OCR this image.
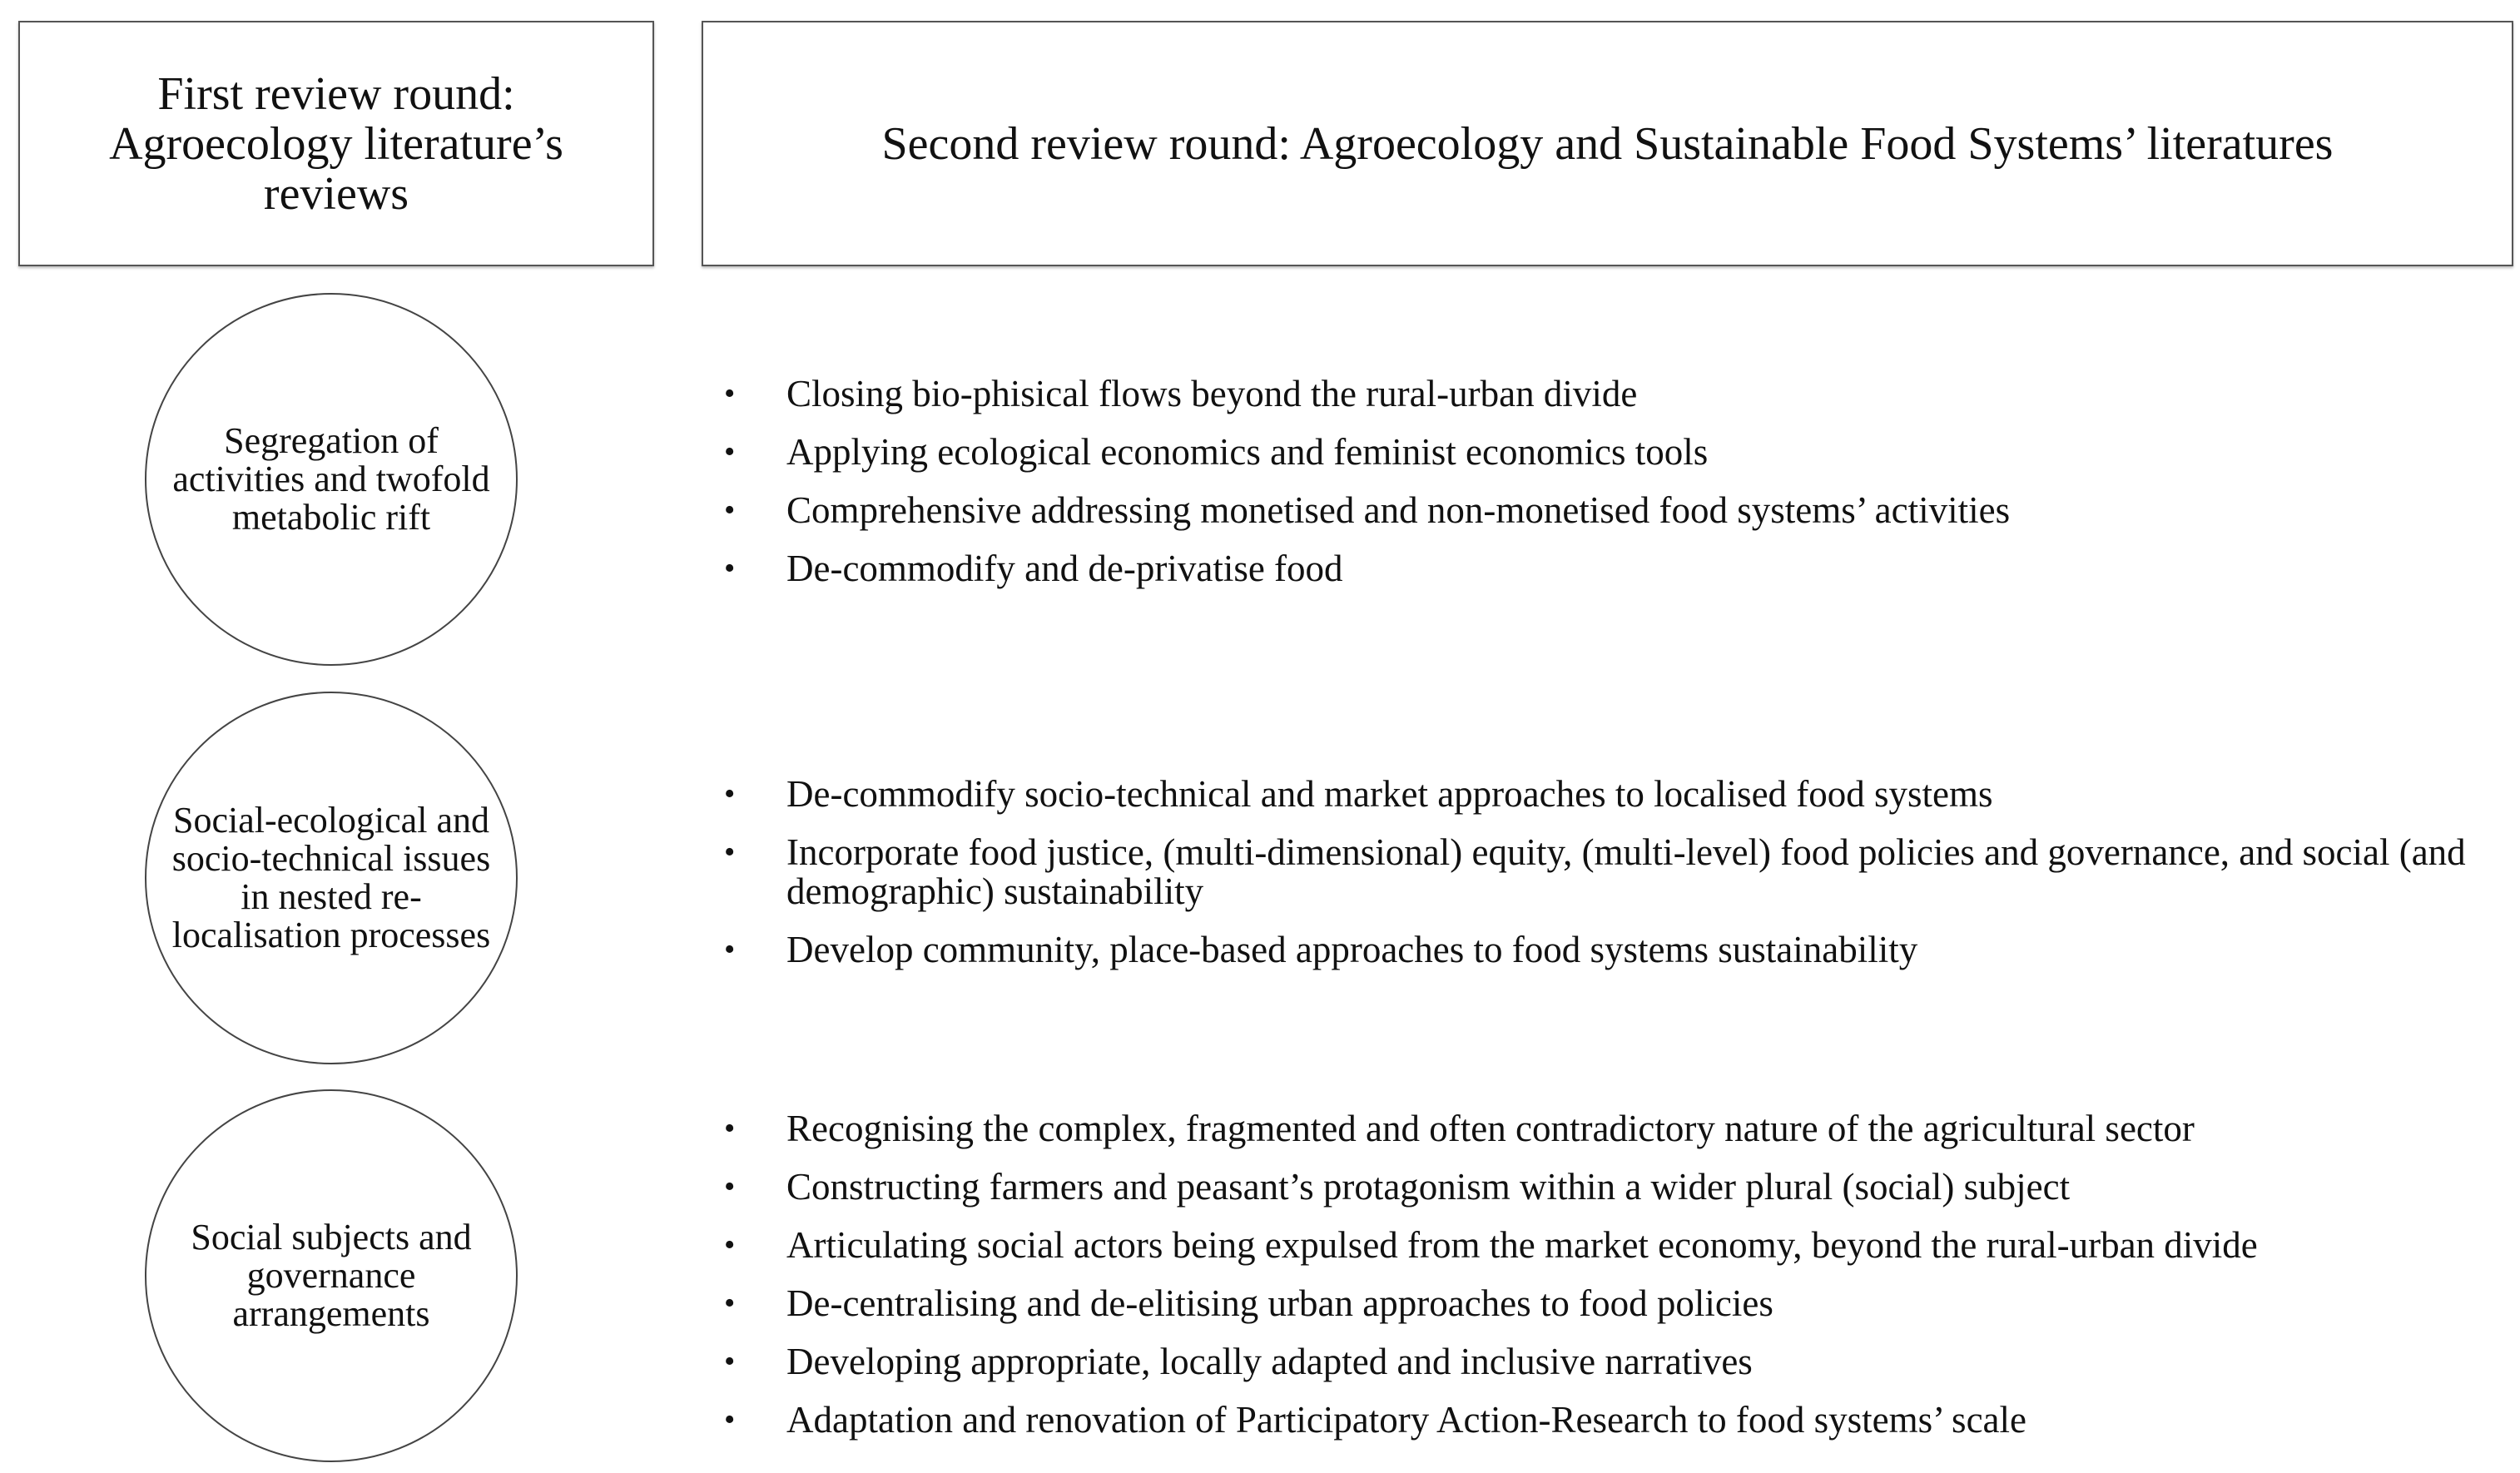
First review round: Agroecology literature’s reviews
Second review round: Agroecology and Sustainable Food Systems’ literatures
Segregation of activities and twofold metabolic rift
Social-ecological and socio-technical issues in nested re-localisation processes
Social subjects and governance arrangements
• Closing bio-phisical flows beyond the rural-urban divide
• Applying ecological economics and feminist economics tools
• Comprehensive addressing monetised and non-monetised food systems’ activities
• De-commodify and de-privatise food
• De-commodify socio-technical and market approaches to localised food systems
• Incorporate food justice, (multi-dimensional) equity, (multi-level) food policies and governance, and social (and demographic) sustainability
• Develop community, place-based approaches to food systems sustainability
• Recognising the complex, fragmented and often contradictory nature of the agricultural sector
• Constructing farmers and peasant’s protagonism within a wider plural (social) subject
• Articulating social actors being expulsed from the market economy, beyond the rural-urban divide
• De-centralising and de-elitising urban approaches to food policies
• Developing appropriate, locally adapted and inclusive narratives
• Adaptation and renovation of Participatory Action-Research to food systems’ scale
